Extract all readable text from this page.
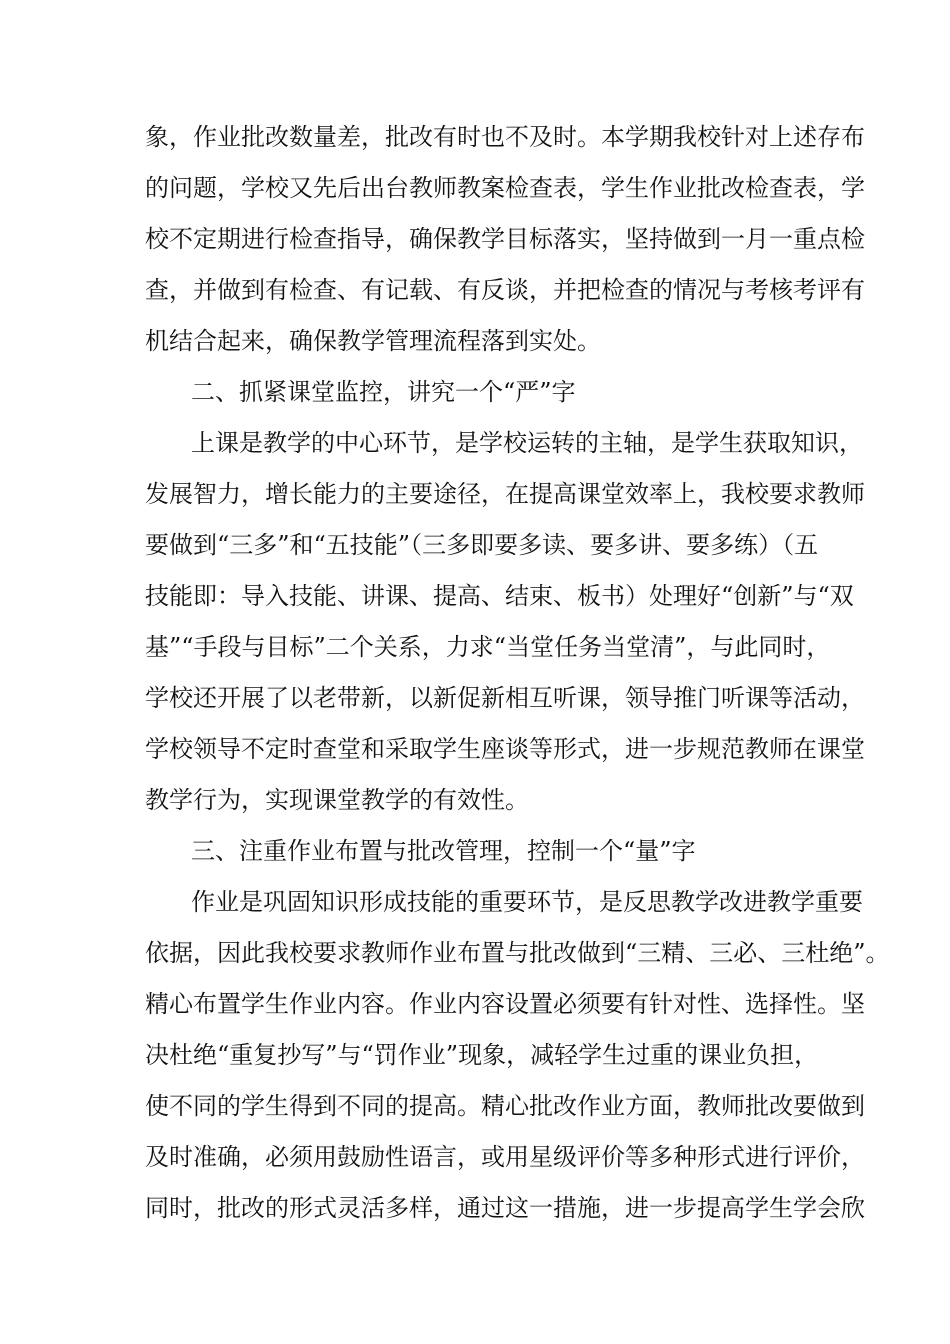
象，作业批改数量差，批改有时也不及时。本学期我校针对上述存布
的问题，学校又先后出台教师教案检查表，学生作业批改检查表，学
校不定期进行检查指导，确保教学目标落实，坚持做到一月一重点检
查，并做到有检查、有记载、有反谈，并把检查的情况与考核考评有
机结合起来，确保教学管理流程落到实处。
二、抓紧课堂监控，讲究一个“严”字
上课是教学的中心环节，是学校运转的主轴，是学生获取知识，
发展智力，增长能力的主要途径，在提高课堂效率上，我校要求教师
要做到“三多”和“五技能”（三多即要多读、要多讲、要多练）（五
技能即：导入技能、讲课、提高、结束、板书）处理好“创新”与“双
基”“手段与目标”二个关系，力求“当堂任务当堂清”，与此同时，
学校还开展了以老带新，以新促新相互听课，领导推门听课等活动，
学校领导不定时查堂和采取学生座谈等形式，进一步规范教师在课堂
教学行为，实现课堂教学的有效性。
三、注重作业布置与批改管理，控制一个“量”字
作业是巩固知识形成技能的重要环节，是反思教学改进教学重要
依据，因此我校要求教师作业布置与批改做到“三精、三必、三杜绝”。
精心布置学生作业内容。作业内容设置必须要有针对性、选择性。坚
决杜绝“重复抄写”与“罚作业”现象，减轻学生过重的课业负担，
使不同的学生得到不同的提高。精心批改作业方面，教师批改要做到
及时准确，必须用鼓励性语言，或用星级评价等多种形式进行评价，
同时，批改的形式灵活多样，通过这一措施，进一步提高学生学会欣
